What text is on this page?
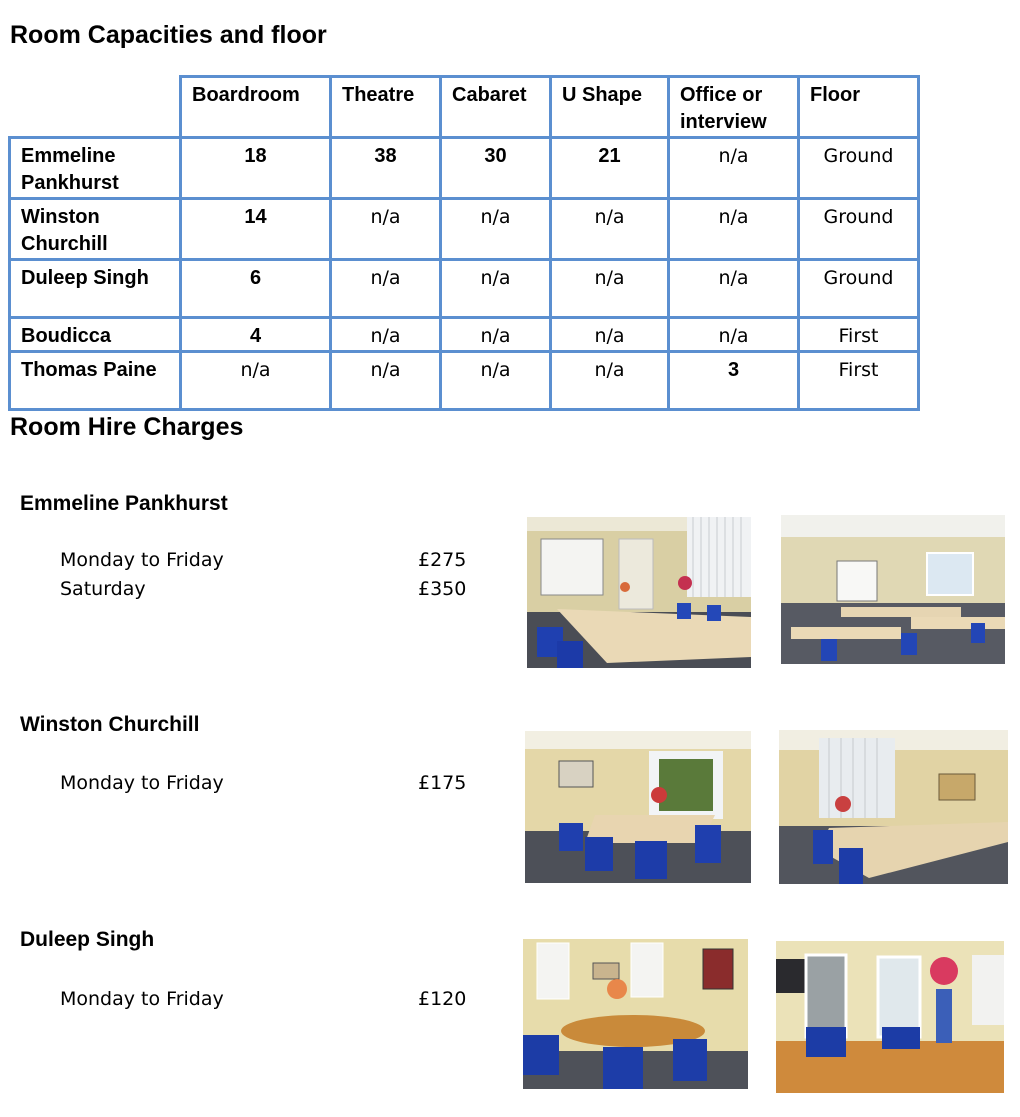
Room Capacities and floor
	Boardroom	Theatre	Cabaret	U Shape	Office or interview	Floor
Emmeline Pankhurst	18	38	30	21	n/a	Ground
Winston Churchill	14	n/a	n/a	n/a	n/a	Ground
Duleep Singh	6	n/a	n/a	n/a	n/a	Ground
Boudicca	4	n/a	n/a	n/a	n/a	First
Thomas Paine	n/a	n/a	n/a	n/a	3	First
Room Hire Charges
Emmeline Pankhurst
Monday to Friday	£275
Saturday	£350
Winston Churchill
Monday to Friday	£175
Duleep Singh
Monday to Friday	£120
